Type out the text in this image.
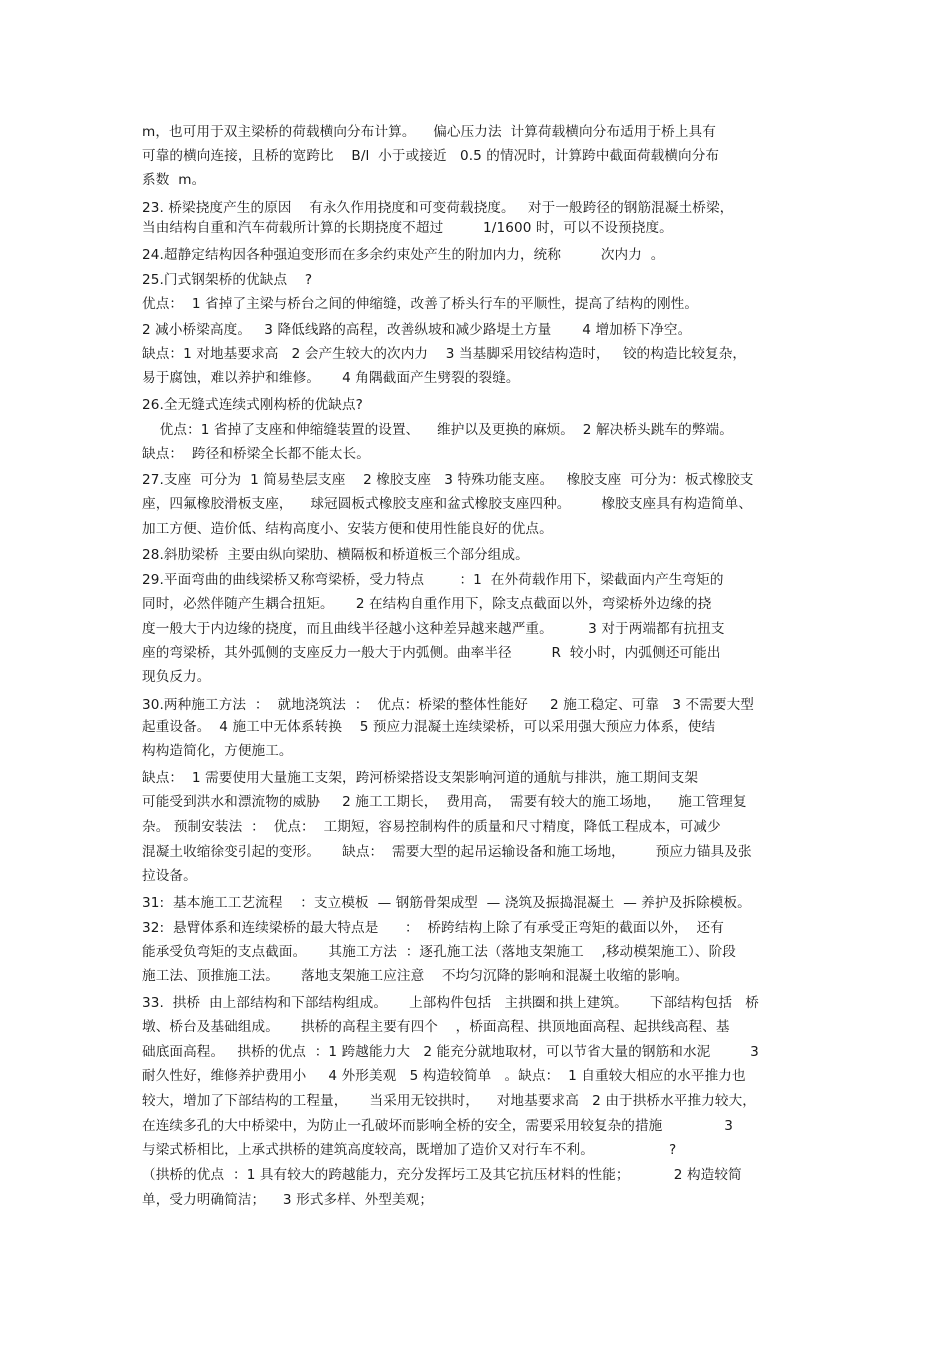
m，也可用于双主梁桥的荷载横向分布计算。    偏心压力法  计算荷载横向分布适用于桥上具有
可靠的横向连接，且桥的宽跨比    B/l  小于或接近   0.5 的情况时，计算跨中截面荷载横向分布
系数  m。
23. 桥梁挠度产生的原因    有永久作用挠度和可变荷载挠度。   对于一般跨径的钢筋混凝土桥梁，
当由结构自重和汽车荷载所计算的长期挠度不超过         1/1600 时，可以不设预挠度。
24.超静定结构因各种强迫变形而在多余约束处产生的附加内力，统称         次内力  。
25.门式钢架桥的优缺点    ?
优点：  1 省掉了主梁与桥台之间的伸缩缝，改善了桥头行车的平顺性，提高了结构的刚性。
2 减小桥梁高度。   3 降低线路的高程，改善纵坡和减少路堤土方量       4 增加桥下净空。
缺点：1 对地基要求高   2 会产生较大的次内力    3 当基脚采用铰结构造时，   铰的构造比较复杂，
易于腐蚀，难以养护和维修。     4 角隅截面产生劈裂的裂缝。
26.全无缝式连续式刚构桥的优缺点?
优点：1 省掉了支座和伸缩缝装置的设置、    维护以及更换的麻烦。  2 解决桥头跳车的弊端。
缺点：  跨径和桥梁全长都不能太长。
27.支座  可分为  1 简易垫层支座    2 橡胶支座   3 特殊功能支座。   橡胶支座  可分为：板式橡胶支
座，四氟橡胶滑板支座，    球冠圆板式橡胶支座和盆式橡胶支座四种。       橡胶支座具有构造简单、
加工方便、造价低、结构高度小、安装方便和使用性能良好的优点。
28.斜肋梁桥  主要由纵向梁肋、横隔板和桥道板三个部分组成。
29.平面弯曲的曲线梁桥又称弯梁桥，受力特点        ：1  在外荷载作用下，梁截面内产生弯矩的
同时，必然伴随产生耦合扭矩。     2 在结构自重作用下，除支点截面以外，弯梁桥外边缘的挠
度一般大于内边缘的挠度，而且曲线半径越小这种差异越来越严重。        3 对于两端都有抗扭支
座的弯梁桥，其外弧侧的支座反力一般大于内弧侧。曲率半径         R  较小时，内弧侧还可能出
现负反力。
30.两种施工方法  ：  就地浇筑法  ：  优点：桥梁的整体性能好     2 施工稳定、可靠   3 不需要大型
起重设备。  4 施工中无体系转换    5 预应力混凝土连续梁桥，可以采用强大预应力体系，使结
构构造简化，方便施工。
缺点：  1 需要使用大量施工支架，跨河桥梁搭设支架影响河道的通航与排洪，施工期间支架
可能受到洪水和漂流物的威胁     2 施工工期长，  费用高，  需要有较大的施工场地，    施工管理复
杂。 预制安装法  ：  优点：  工期短，容易控制构件的质量和尺寸精度，降低工程成本，可减少
混凝土收缩徐变引起的变形。     缺点：  需要大型的起吊运输设备和施工场地，       预应力锚具及张
拉设备。
31:  基本施工工艺流程    ：支立模板  — 钢筋骨架成型  — 浇筑及振捣混凝土  — 养护及拆除模板。
32:  悬臂体系和连续梁桥的最大特点是      ：  桥跨结构上除了有承受正弯矩的截面以外，  还有
能承受负弯矩的支点截面。     其施工方法  ：逐孔施工法（落地支架施工    ,移动模架施工）、阶段
施工法、顶推施工法。     落地支架施工应注意    不均匀沉降的影响和混凝土收缩的影响。
33.  拱桥  由上部结构和下部结构组成。     上部构件包括   主拱圈和拱上建筑。     下部结构包括   桥
墩、桥台及基础组成。     拱桥的高程主要有四个    ，桥面高程、拱顶地面高程、起拱线高程、基
础底面高程。   拱桥的优点  ：1 跨越能力大   2 能充分就地取材，可以节省大量的钢筋和水泥         3
耐久性好，维修养护费用小     4 外形美观   5 构造较简单   。缺点：  1 自重较大相应的水平推力也
较大，增加了下部结构的工程量，     当采用无铰拱时，    对地基要求高   2 由于拱桥水平推力较大，
在连续多孔的大中桥梁中，为防止一孔破坏而影响全桥的安全，需要采用较复杂的措施              3
与梁式桥相比，上承式拱桥的建筑高度较高，既增加了造价又对行车不利。                 ?
（拱桥的优点  ：1 具有较大的跨越能力，充分发挥圬工及其它抗压材料的性能；          2 构造较简
单，受力明确简洁；    3 形式多样、外型美观；
